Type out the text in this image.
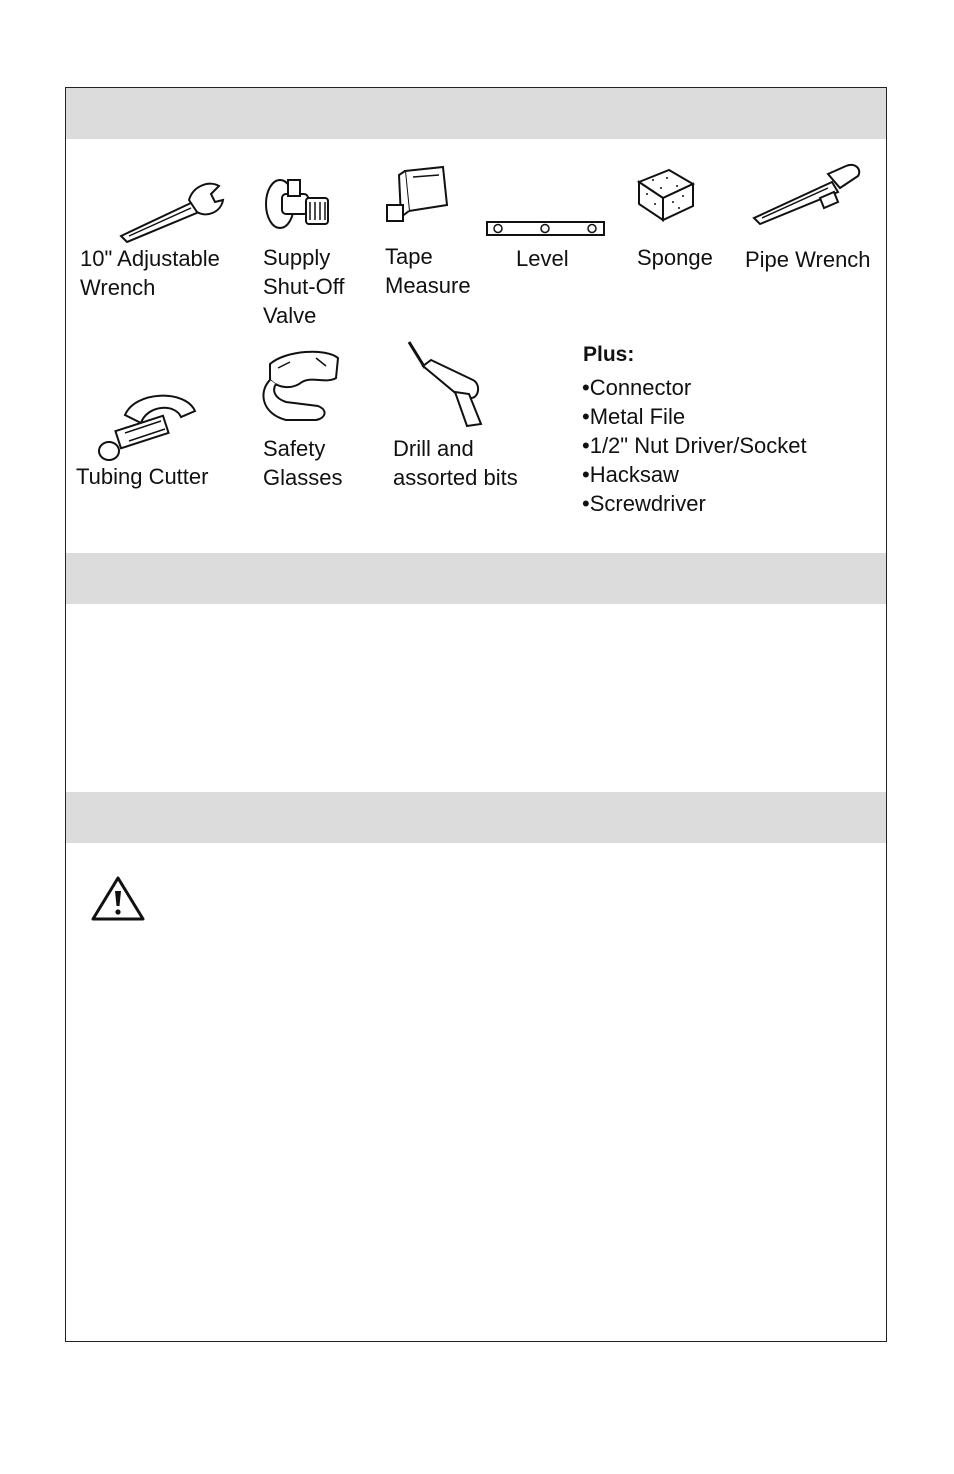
10" Adjustable
Wrench
Supply
Shut-Off
Valve
Tape
Measure
Level	Sponge Pipe Wrench
Tubing Cutter
Safety
Glasses
Drill and
assorted bits
Plus:
• Connector
• Metal File
• 1/2" Nut Driver/Socket
• Hacksaw
• Screwdriver
